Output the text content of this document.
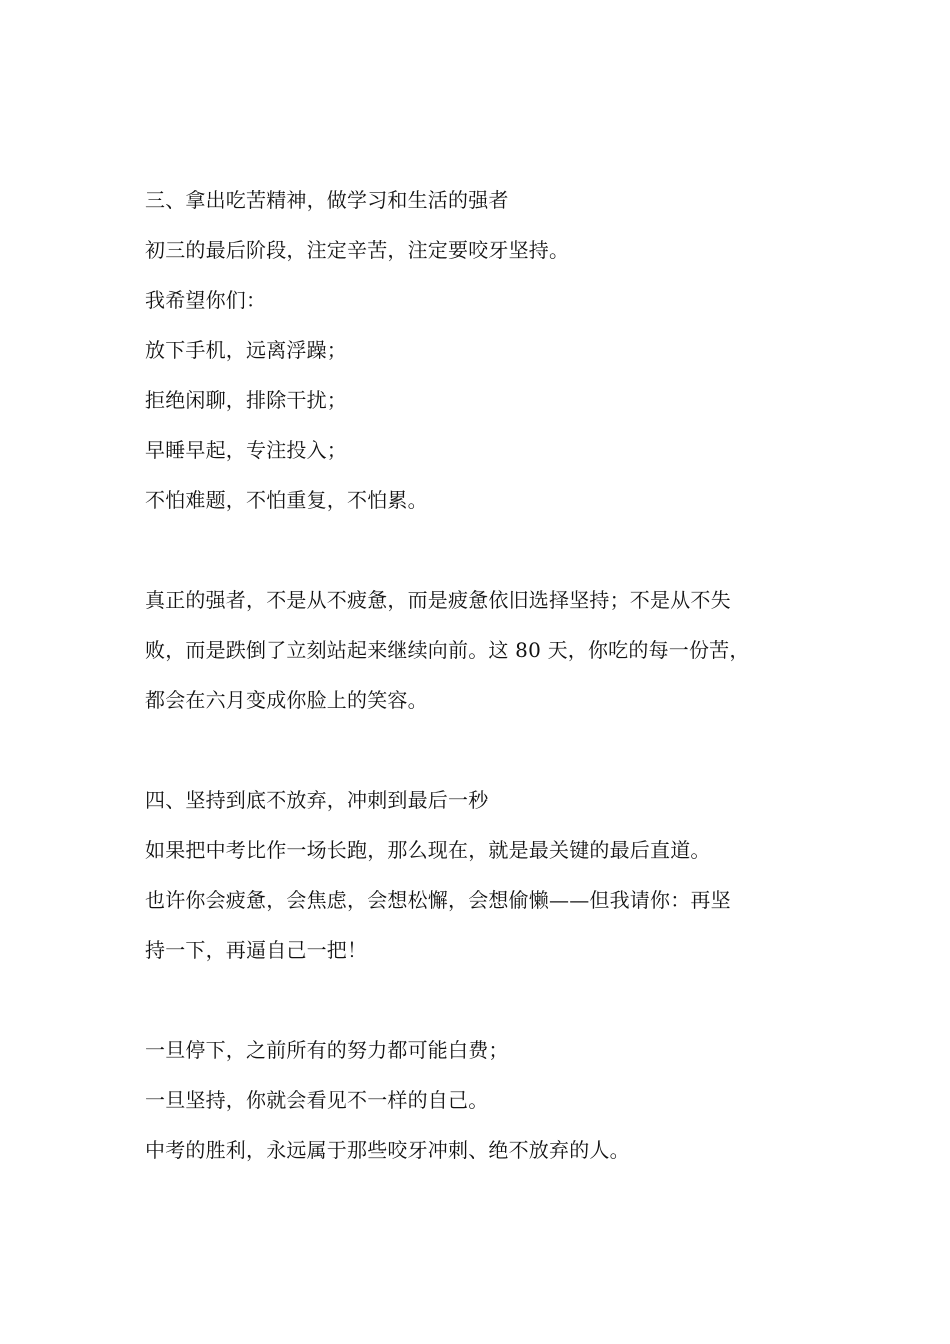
三、拿出吃苦精神，做学习和生活的强者
初三的最后阶段，注定辛苦，注定要咬牙坚持。
我希望你们：
放下手机，远离浮躁；
拒绝闲聊，排除干扰；
早睡早起，专注投入；
不怕难题，不怕重复，不怕累。
真正的强者，不是从不疲惫，而是疲惫依旧选择坚持；不是从不失
败，而是跌倒了立刻站起来继续向前。这 80 天，你吃的每一份苦，
都会在六月变成你脸上的笑容。
四、坚持到底不放弃，冲刺到最后一秒
如果把中考比作一场长跑，那么现在，就是最关键的最后直道。
也许你会疲惫，会焦虑，会想松懈，会想偷懒——但我请你：再坚
持一下，再逼自己一把！
一旦停下，之前所有的努力都可能白费；
一旦坚持，你就会看见不一样的自己。
中考的胜利，永远属于那些咬牙冲刺、绝不放弃的人。
